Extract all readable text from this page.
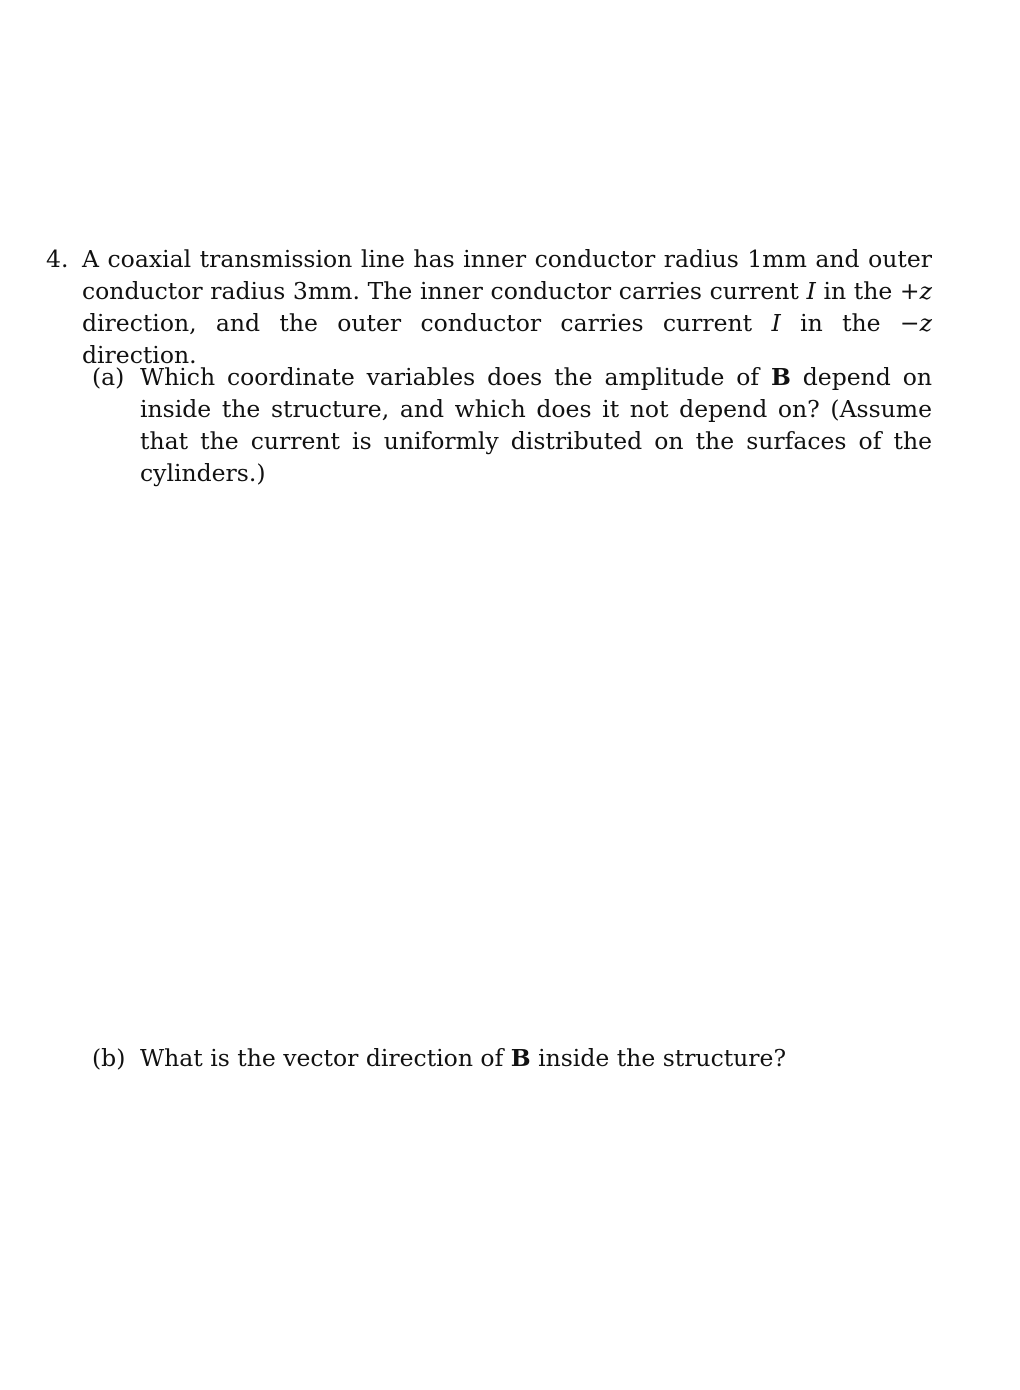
4. A coaxial transmission line has inner conductor radius 1mm and outer conductor radius 3mm. The inner conductor carries current I in the +z direction, and the outer conductor carries current I in the −z direction.
(a) Which coordinate variables does the amplitude of B depend on inside the structure, and which does it not depend on? (Assume that the current is uniformly distributed on the surfaces of the cylinders.)
(b) What is the vector direction of B inside the structure?
